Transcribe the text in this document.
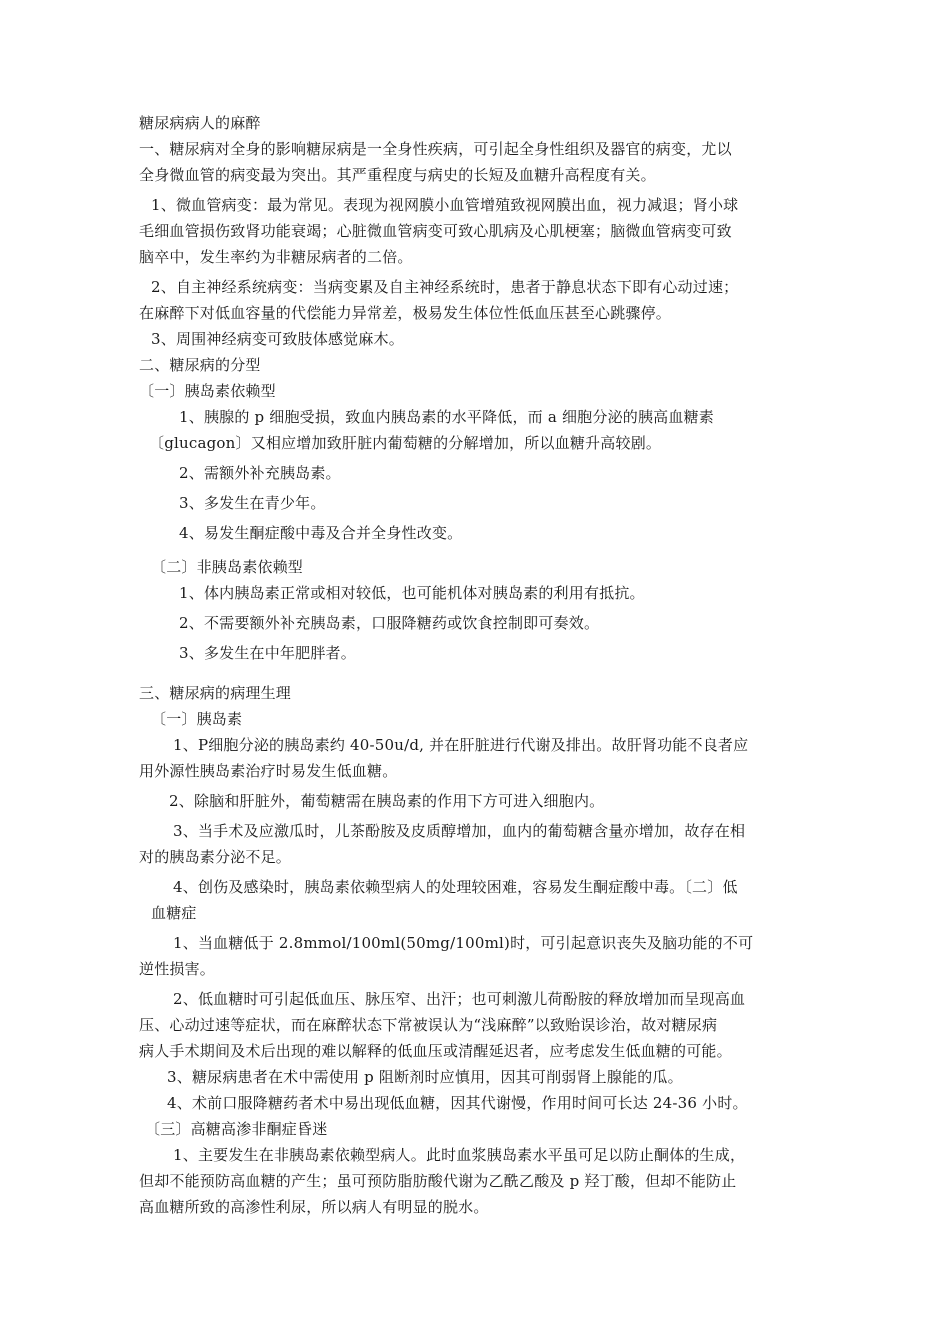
糖尿病病人的麻醉
一、糖尿病对全身的影响糖尿病是一全身性疾病，可引起全身性组织及器官的病变，尤以
全身微血管的病变最为突出。其严重程度与病史的长短及血糖升高程度有关。
1、微血管病变：最为常见。表现为视网膜小血管增殖致视网膜出血，视力减退；肾小球
毛细血管损伤致肾功能衰竭；心脏微血管病变可致心肌病及心肌梗塞；脑微血管病变可致
脑卒中，发生率约为非糖尿病者的二倍。
2、自主神经系统病变：当病变累及自主神经系统时，患者于静息状态下即有心动过速；
在麻醉下对低血容量的代偿能力异常差，极易发生体位性低血压甚至心跳骤停。
3、周围神经病变可致肢体感觉麻木。
二、糖尿病的分型
〔一〕胰岛素依赖型
1、胰腺的 p 细胞受损，致血内胰岛素的水平降低，而 a 细胞分泌的胰高血糖素
〔glucagon〕又相应增加致肝脏内葡萄糖的分解增加，所以血糖升高较剧。
2、需额外补充胰岛素。
3、多发生在青少年。
4、易发生酮症酸中毒及合并全身性改变。
〔二〕非胰岛素依赖型
1、体内胰岛素正常或相对较低，也可能机体对胰岛素的利用有抵抗。
2、不需要额外补充胰岛素，口服降糖药或饮食控制即可奏效。
3、多发生在中年肥胖者。
三、糖尿病的病理生理
〔一〕胰岛素
1、P细胞分泌的胰岛素约 40-50u/d, 并在肝脏进行代谢及排出。故肝肾功能不良者应
用外源性胰岛素治疗时易发生低血糖。
2、除脑和肝脏外，葡萄糖需在胰岛素的作用下方可进入细胞内。
3、当手术及应激瓜时，儿茶酚胺及皮质醇增加，血内的葡萄糖含量亦增加，故存在相
对的胰岛素分泌不足。
4、创伤及感染时，胰岛素依赖型病人的处理较困难，容易发生酮症酸中毒。〔二〕低
血糖症
1、当血糖低于 2.8mmol/100ml(50mg/100ml)时，可引起意识丧失及脑功能的不可
逆性损害。
2、低血糖时可引起低血压、脉压窄、出汗；也可刺激儿荷酚胺的释放增加而呈现高血
压、心动过速等症状，而在麻醉状态下常被误认为“浅麻醉”以致贻误诊治，故对糖尿病
病人手术期间及术后出现的难以解释的低血压或清醒延迟者，应考虑发生低血糖的可能。
3、糖尿病患者在术中需使用 p 阻断剂时应慎用，因其可削弱肾上腺能的瓜。
4、术前口服降糖药者术中易出现低血糖，因其代谢慢，作用时间可长达 24-36 小时。
〔三〕高糖高渗非酮症昏迷
1、主要发生在非胰岛素依赖型病人。此时血浆胰岛素水平虽可足以防止酮体的生成，
但却不能预防高血糖的产生；虽可预防脂肪酸代谢为乙酰乙酸及 p 羟丁酸，但却不能防止
高血糖所致的高渗性利尿，所以病人有明显的脱水。
